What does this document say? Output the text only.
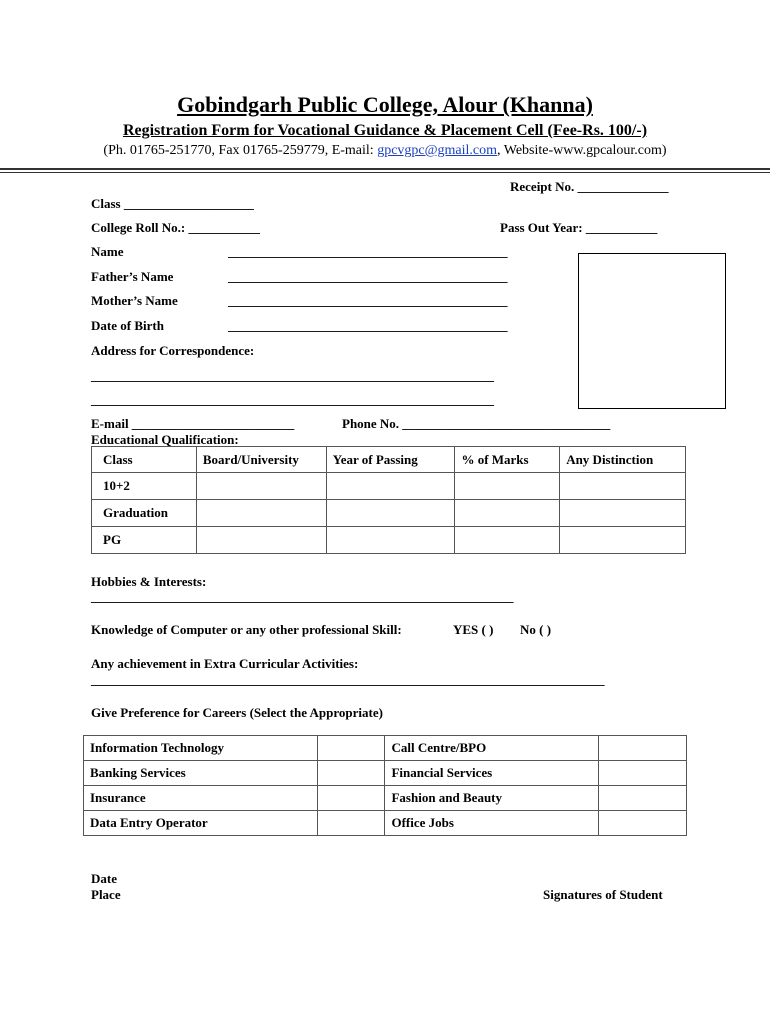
Gobindgarh Public College, Alour (Khanna)
Registration Form for Vocational Guidance & Placement Cell (Fee-Rs. 100/-)
(Ph. 01765-251770, Fax 01765-259779, E-mail: gpcvgpc@gmail.com, Website-www.gpcalour.com)
Receipt No. ______________
Class ____________________
College Roll No.: ___________	Pass Out Year: ___________
Name	___________________________________________
Father’s Name	___________________________________________
Mother’s Name	___________________________________________
Date of Birth	___________________________________________
Address for Correspondence:
______________________________________________________________
______________________________________________________________
E-mail _________________________	Phone No. ________________________________
Educational Qualification:
Class	Board/University	Year of Passing	% of Marks	Any Distinction
10+2				
Graduation				
PG				
Hobbies & Interests:
_________________________________________________________________
Knowledge of Computer or any other professional Skill:	YES ( ) No ( )
Any achievement in Extra Curricular Activities:
_______________________________________________________________________________
Give Preference for Careers (Select the Appropriate)
Information Technology		Call Centre/BPO	
Banking Services		Financial Services	
Insurance		Fashion and Beauty	
Data Entry Operator		Office Jobs	
Date
Place	Signatures of Student
